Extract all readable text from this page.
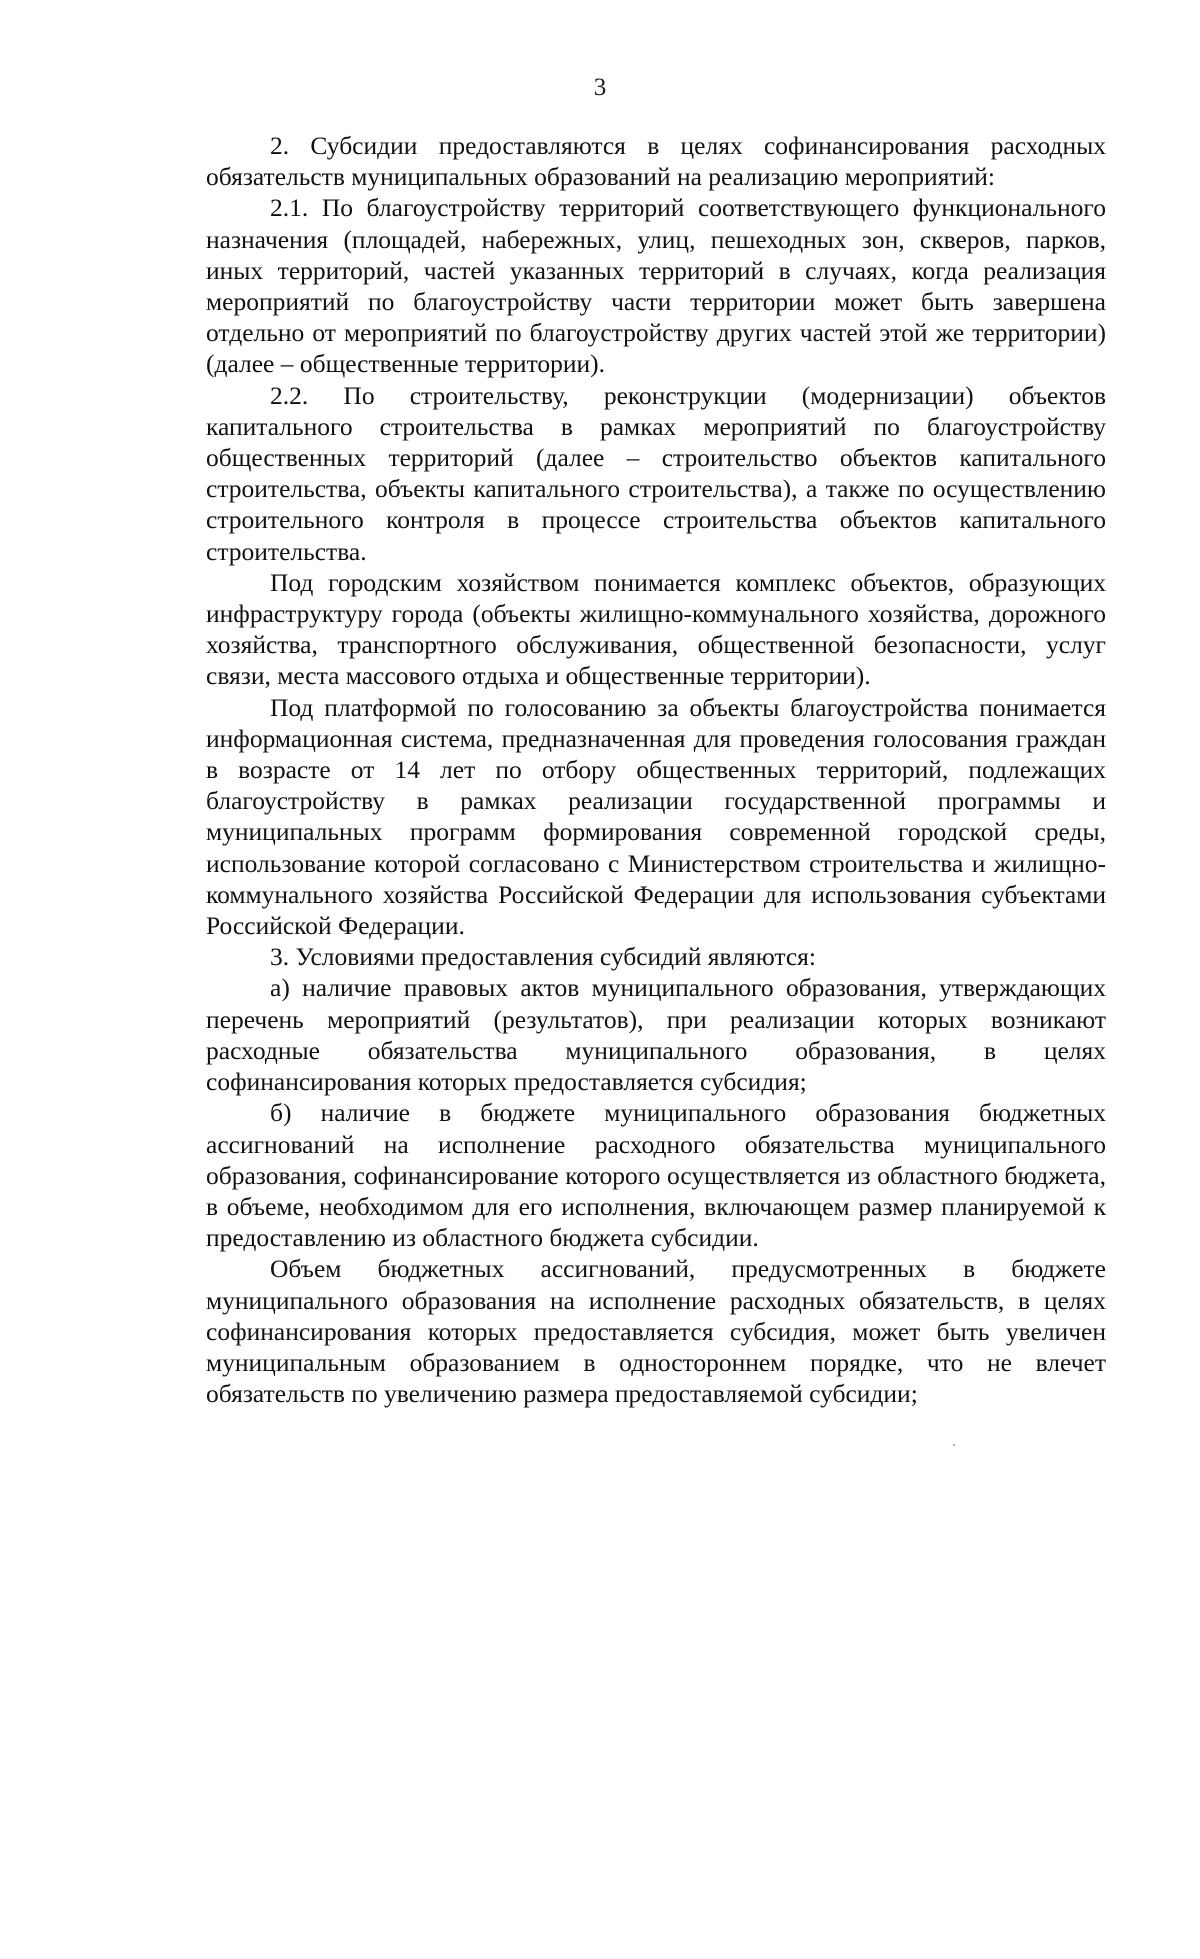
3

2. Субсидии предоставляются в целях софинансирования расходных обязательств муниципальных образований на реализацию мероприятий:

2.1. По благоустройству территорий соответствующего функционального назначения (площадей, набережных, улиц, пешеходных зон, скверов, парков, иных территорий, частей указанных территорий в случаях, когда реализация мероприятий по благоустройству части территории может быть завершена отдельно от мероприятий по благоустройству других частей этой же территории) (далее – общественные территории).

2.2. По строительству, реконструкции (модернизации) объектов капитального строительства в рамках мероприятий по благоустройству общественных территорий (далее – строительство объектов капитального строительства, объекты капитального строительства), а также по осуществлению строительного контроля в процессе строительства объектов капитального строительства.

Под городским хозяйством понимается комплекс объектов, образующих инфраструктуру города (объекты жилищно-коммунального хозяйства, дорожного хозяйства, транспортного обслуживания, общественной безопасности, услуг связи, места массового отдыха и общественные территории).

Под платформой по голосованию за объекты благоустройства понимается информационная система, предназначенная для проведения голосования граждан в возрасте от 14 лет по отбору общественных территорий, подлежащих благоустройству в рамках реализации государственной программы и муниципальных программ формирования современной городской среды, использование которой согласовано с Министерством строительства и жилищно-коммунального хозяйства Российской Федерации для использования субъектами Российской Федерации.

3. Условиями предоставления субсидий являются:

а) наличие правовых актов муниципального образования, утверждающих перечень мероприятий (результатов), при реализации которых возникают расходные обязательства муниципального образования, в целях софинансирования которых предоставляется субсидия;

б) наличие в бюджете муниципального образования бюджетных ассигнований на исполнение расходного обязательства муниципального образования, софинансирование которого осуществляется из областного бюджета, в объеме, необходимом для его исполнения, включающем размер планируемой к предоставлению из областного бюджета субсидии.

Объем бюджетных ассигнований, предусмотренных в бюджете муниципального образования на исполнение расходных обязательств, в целях софинансирования которых предоставляется субсидия, может быть увеличен муниципальным образованием в одностороннем порядке, что не влечет обязательств по увеличению размера предоставляемой субсидии;
